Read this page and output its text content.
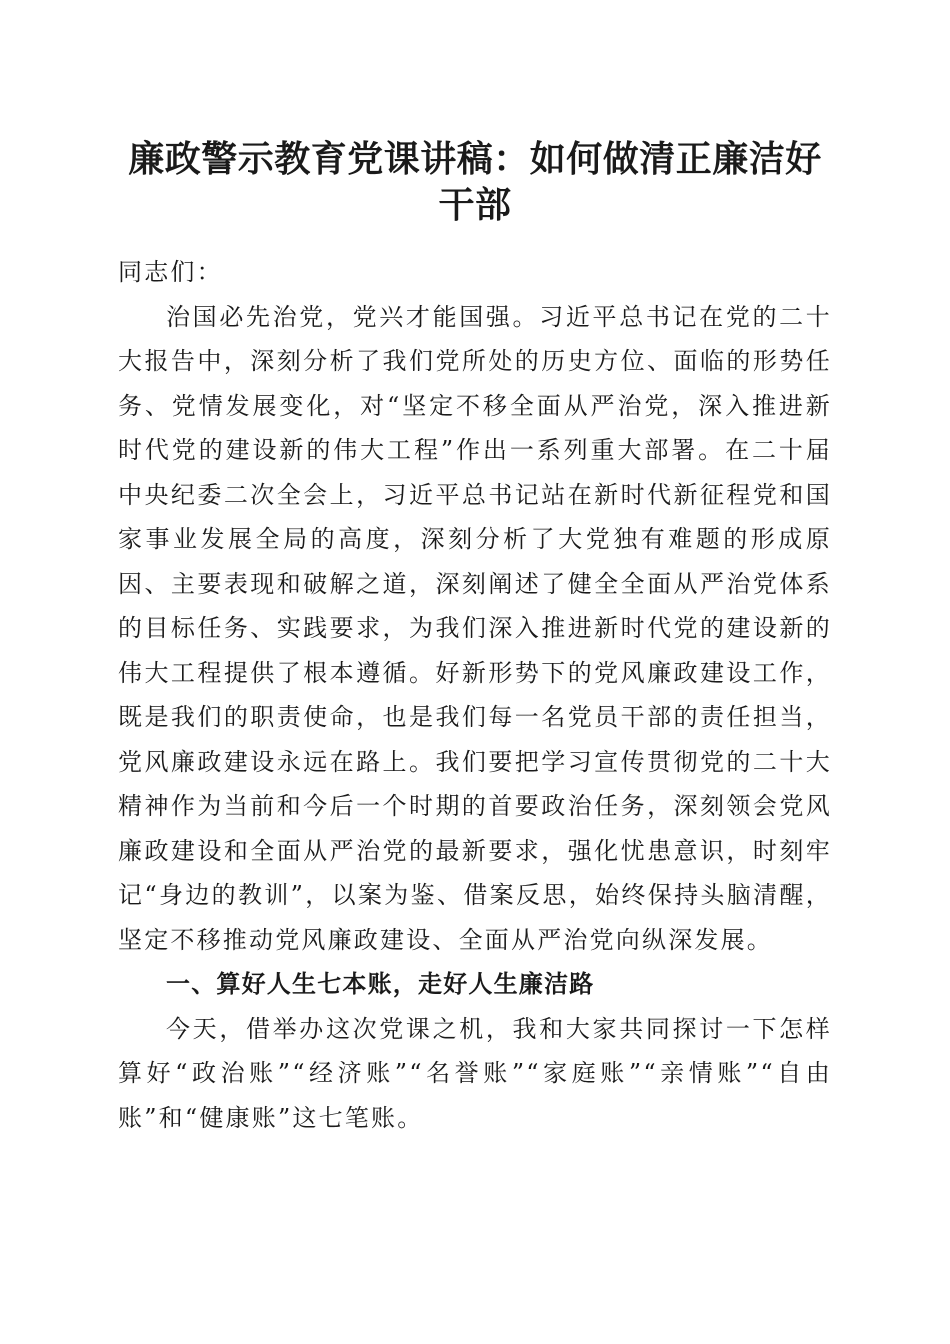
廉政警示教育党课讲稿：如何做清正廉洁好干部

同志们：

治国必先治党，党兴才能国强。习近平总书记在党的二十大报告中，深刻分析了我们党所处的历史方位、面临的形势任务、党情发展变化，对“坚定不移全面从严治党，深入推进新时代党的建设新的伟大工程”作出一系列重大部署。在二十届中央纪委二次全会上，习近平总书记站在新时代新征程党和国家事业发展全局的高度，深刻分析了大党独有难题的形成原因、主要表现和破解之道，深刻阐述了健全全面从严治党体系的目标任务、实践要求，为我们深入推进新时代党的建设新的伟大工程提供了根本遵循。好新形势下的党风廉政建设工作，既是我们的职责使命，也是我们每一名党员干部的责任担当，党风廉政建设永远在路上。我们要把学习宣传贯彻党的二十大精神作为当前和今后一个时期的首要政治任务，深刻领会党风廉政建设和全面从严治党的最新要求，强化忧患意识，时刻牢记“身边的教训”，以案为鉴、借案反思，始终保持头脑清醒，坚定不移推动党风廉政建设、全面从严治党向纵深发展。

一、算好人生七本账，走好人生廉洁路

今天，借举办这次党课之机，我和大家共同探讨一下怎样算好“政治账”“经济账”“名誉账”“家庭账”“亲情账”“自由账”和“健康账”这七笔账。
